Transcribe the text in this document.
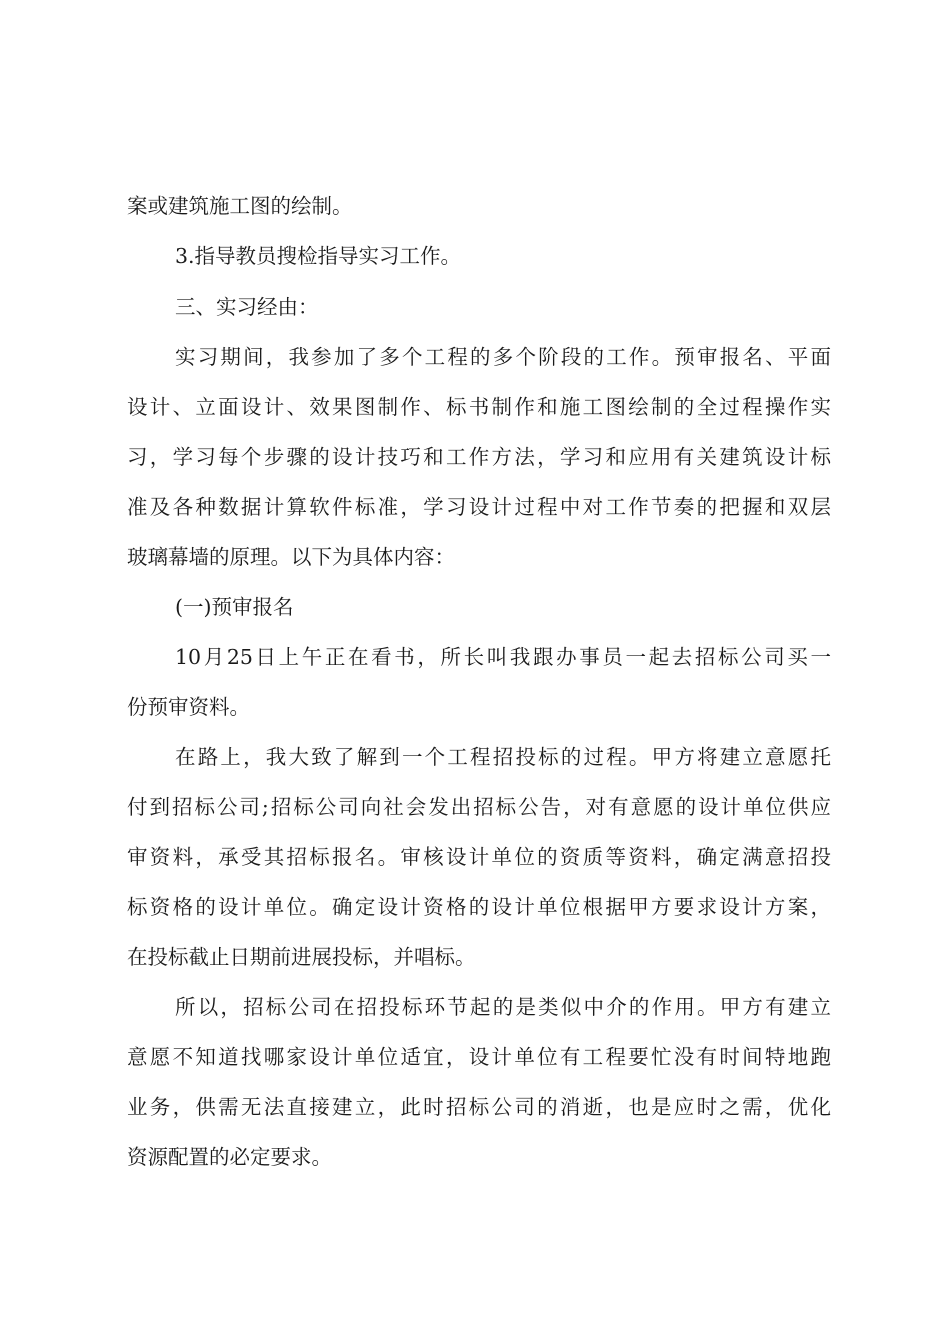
案或建筑施工图的绘制。
3.指导教员搜检指导实习工作。
三、实习经由：
实习期间，我参加了多个工程的多个阶段的工作。预审报名、平面
设计、立面设计、效果图制作、标书制作和施工图绘制的全过程操作实
习，学习每个步骤的设计技巧和工作方法，学习和应用有关建筑设计标
准及各种数据计算软件标准，学习设计过程中对工作节奏的把握和双层
玻璃幕墙的原理。以下为具体内容：
(一)预审报名
10月25日上午正在看书，所长叫我跟办事员一起去招标公司买一
份预审资料。
在路上，我大致了解到一个工程招投标的过程。甲方将建立意愿托
付到招标公司;招标公司向社会发出招标公告，对有意愿的设计单位供应
审资料，承受其招标报名。审核设计单位的资质等资料，确定满意招投
标资格的设计单位。确定设计资格的设计单位根据甲方要求设计方案，
在投标截止日期前进展投标，并唱标。
所以，招标公司在招投标环节起的是类似中介的作用。甲方有建立
意愿不知道找哪家设计单位适宜，设计单位有工程要忙没有时间特地跑
业务，供需无法直接建立，此时招标公司的消逝，也是应时之需，优化
资源配置的必定要求。
